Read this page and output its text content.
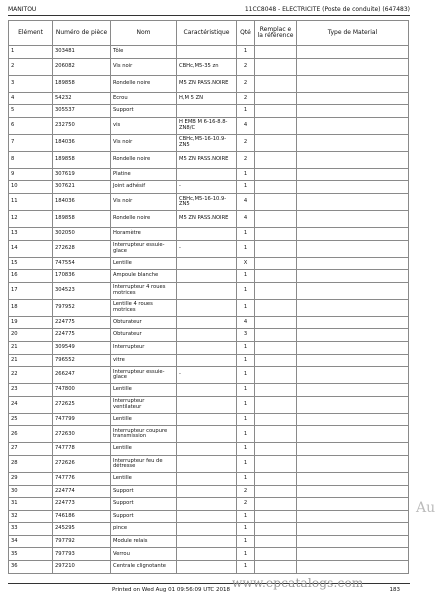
MANITOU	11CC8048 - ELECTRICITE (Poste de conduite) (647483)
Elément	Numéro de pièce	Nom	Caractéristique	Qté	Remplac e la référence	Type de Material
1	303481	Tôle		1		
2	206082	Vis noir	CBHc,M5-35 zn	2		
3	189858	Rondelle noire	M5 ZN PASS.NOIRE	2		
4	54232	Ecrou	H,M 5 ZN	2		
5	305537	Support		1		
6	232750	vis	H EMB M 6-16-8.8-ZN8/C	4		
7	184036	Vis noir	CBHc,M5-16-10.9-ZN5	2		
8	189858	Rondelle noire	M5 ZN PASS.NOIRE	2		
9	307619	Platine		1		
10	307621	Joint adhésif	-	1		
11	184036	Vis noir	CBHc,M5-16-10.9-ZN5	4		
12	189858	Rondelle noire	M5 ZN PASS.NOIRE	4		
13	302050	Horamètre		1		
14	272628	Interrupteur essuie-glace	-	1		
15	747554	Lentille		X		
16	170836	Ampoule blanche		1		
17	304523	Interrupteur 4 roues motrices		1		
18	797952	Lentille 4 roues motrices		1		
19	224775	Obturateur		4		
20	224775	Obturateur		3		
21	309549	Interrupteur		1		
21	796552	vitre		1		
22	266247	Interrupteur essuie-glace	-	1		
23	747800	Lentille		1		
24	272625	Interrupteur ventilateur		1		
25	747799	Lentille		1		
26	272630	Interrupteur coupure transmission		1		
27	747778	Lentille		1		
28	272626	Interrupteur feu de détresse		1		
29	747776	Lentille		1		
30	224774	Support		2		
31	224773	Support		2		
32	746186	Support		1		
33	245295	pince		1		
34	797792	Module relais		1		
35	797793	Verrou		1		
36	297210	Centrale clignotante		1		
Printed on Wed Aug 01 09:56:09 UTC 2018	183
www.epcatalogs.com
Au
